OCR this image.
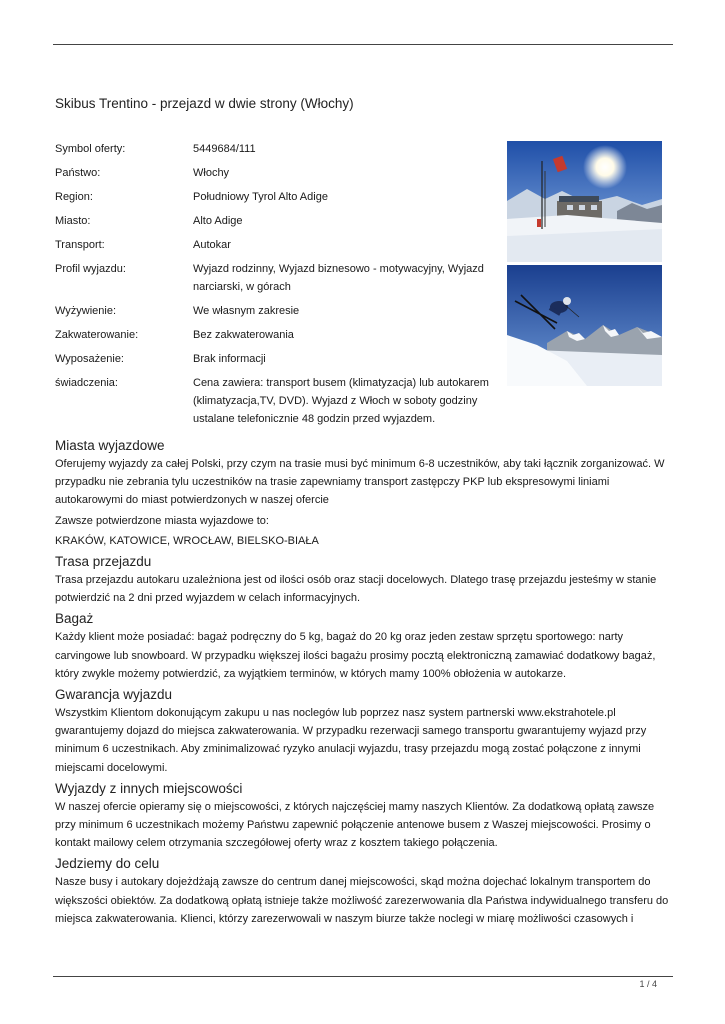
Skibus Trentino - przejazd w dwie strony (Włochy)
Symbol oferty:	5449684/111
Państwo:	Włochy
Region:	Południowy Tyrol Alto Adige
Miasto:	Alto Adige
Transport:	Autokar
Profil wyjazdu:	Wyjazd rodzinny, Wyjazd biznesowo - motywacyjny, Wyjazd narciarski, w górach
Wyżywienie:	We własnym zakresie
Zakwaterowanie:	Bez zakwaterowania
Wyposażenie:	Brak informacji
świadczenia:	Cena zawiera: transport busem (klimatyzacja) lub autokarem (klimatyzacja,TV, DVD). Wyjazd z Włoch w soboty godziny ustalane telefonicznie 48 godzin przed wyjazdem.
Miasta wyjazdowe

Oferujemy wyjazdy za całej Polski, przy czym na trasie musi być minimum 6-8 uczestników, aby taki łącznik zorganizować. W przypadku nie zebrania tylu uczestników na trasie zapewniamy transport zastępczy PKP lub ekspresowymi liniami autokarowymi do miast potwierdzonych w naszej ofercie

Zawsze potwierdzone miasta wyjazdowe to:

KRAKÓW, KATOWICE, WROCŁAW, BIELSKO-BIAŁA

Trasa przejazdu

Trasa przejazdu autokaru uzależniona jest od ilości osób oraz stacji docelowych. Dlatego trasę przejazdu jesteśmy w stanie potwierdzić na 2 dni przed wyjazdem w celach informacyjnych.

Bagaż

Każdy klient może posiadać: bagaż podręczny do 5 kg, bagaż do 20 kg oraz jeden zestaw sprzętu sportowego: narty carvingowe lub snowboard. W przypadku większej ilości bagażu prosimy pocztą elektroniczną zamawiać dodatkowy bagaż, który zwykle możemy potwierdzić, za wyjątkiem terminów, w których mamy 100% obłożenia w autokarze.

Gwarancja wyjazdu

Wszystkim Klientom dokonującym zakupu u nas noclegów lub poprzez nasz system partnerski www.ekstrahotele.pl gwarantujemy dojazd do miejsca zakwaterowania. W przypadku rezerwacji samego transportu gwarantujemy wyjazd przy minimum 6 uczestnikach. Aby zminimalizować ryzyko anulacji wyjazdu, trasy przejazdu mogą zostać połączone z innymi miejscami docelowymi.

Wyjazdy z innych miejscowości

W naszej ofercie opieramy się o miejscowości, z których najczęściej mamy naszych Klientów. Za dodatkową opłatą zawsze przy minimum 6 uczestnikach możemy Państwu zapewnić połączenie antenowe busem z Waszej miejscowości. Prosimy o kontakt mailowy celem otrzymania szczegółowej oferty wraz z kosztem takiego połączenia.

Jedziemy do celu

Nasze busy i autokary dojeżdżają zawsze do centrum danej miejscowości, skąd można dojechać lokalnym transportem do większości obiektów. Za dodatkową opłatą istnieje także możliwość zarezerwowania dla Państwa indywidualnego transferu do miejsca zakwaterowania. Klienci, którzy zarezerwowali w naszym biurze także noclegi w miarę możliwości czasowych i

1 / 4
